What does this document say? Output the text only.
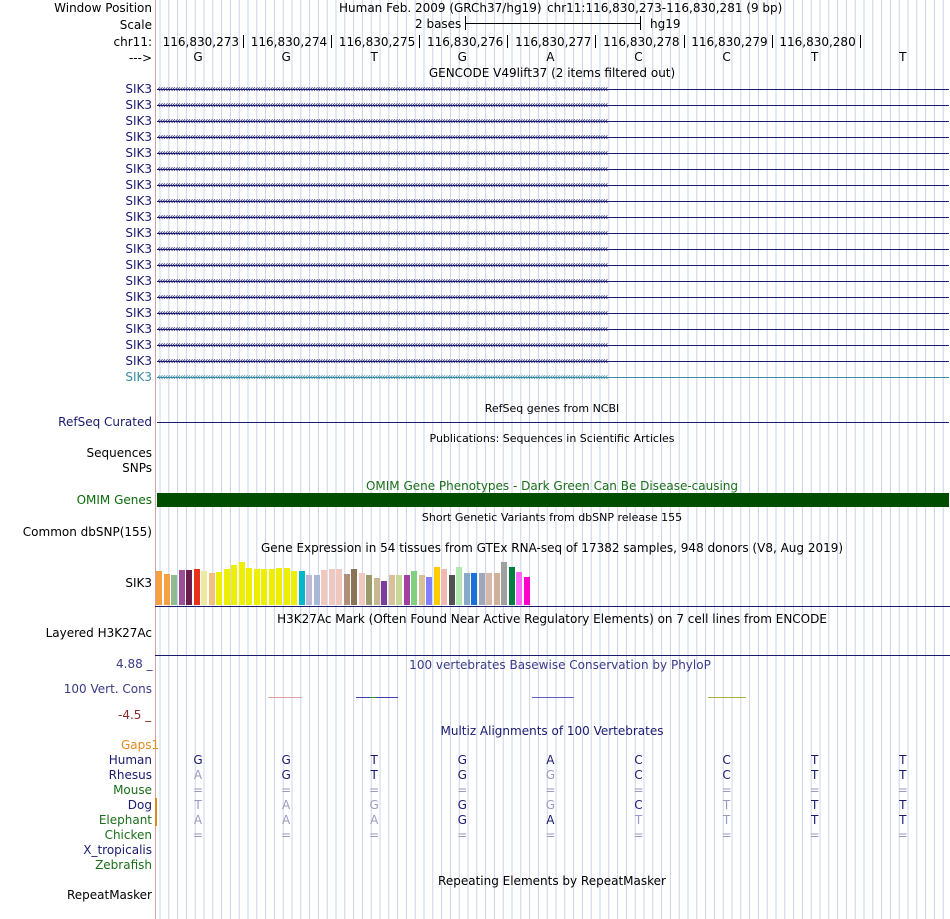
Window Position	Human Feb. 2009 (GRCh37/hg19) chr11:116,830,273-116,830,281 (9 bp)
Scale	2 bases	hg19
chr11: 116,830,273 116,830,274 116,830,275 116,830,276 116,830,277 116,830,278 116,830,279 116,830,280
--->	G	G	T	G	A	C	C	T	T
GENCODE V49lift37 (2 items filtered out)
SIK3
SIK3
SIK3
SIK3
SIK3
SIK3
SIK3
SIK3
SIK3
SIK3
SIK3
SIK3
SIK3
SIK3
SIK3
SIK3
SIK3
SIK3
SIK3
RefSeq genes from NCBI
RefSeq Curated
Publications: Sequences in Scientific Articles
Sequences
SNPs
OMIM Gene Phenotypes - Dark Green Can Be Disease-causing
OMIM Genes
Short Genetic Variants from dbSNP release 155
Common dbSNP(155)
Gene Expression in 54 tissues from GTEx RNA-seq of 17382 samples, 948 donors (V8, Aug 2019)
SIK3
H3K27Ac Mark (Often Found Near Active Regulatory Elements) on 7 cell lines from ENCODE
Layered H3K27Ac
100 vertebrates Basewise Conservation by PhyloP
4.88 _
100 Vert. Cons
-4.5 _
Multiz Alignments of 100 Vertebrates
Gaps1
Human	G	G	T	G	A	C	C	T	T
Rhesus	A	G	T	G	G	C	C	T	T
Mouse	=	=	=	=	=	=	=	=	=
Dog	T	A	G	G	G	C	T	T	T
Elephant	A	A	A	G	A	T	T	T	T
Chicken	=	=	=	=	=	=	=	=	=
X_tropicalis
Zebrafish
Repeating Elements by RepeatMasker
RepeatMasker
